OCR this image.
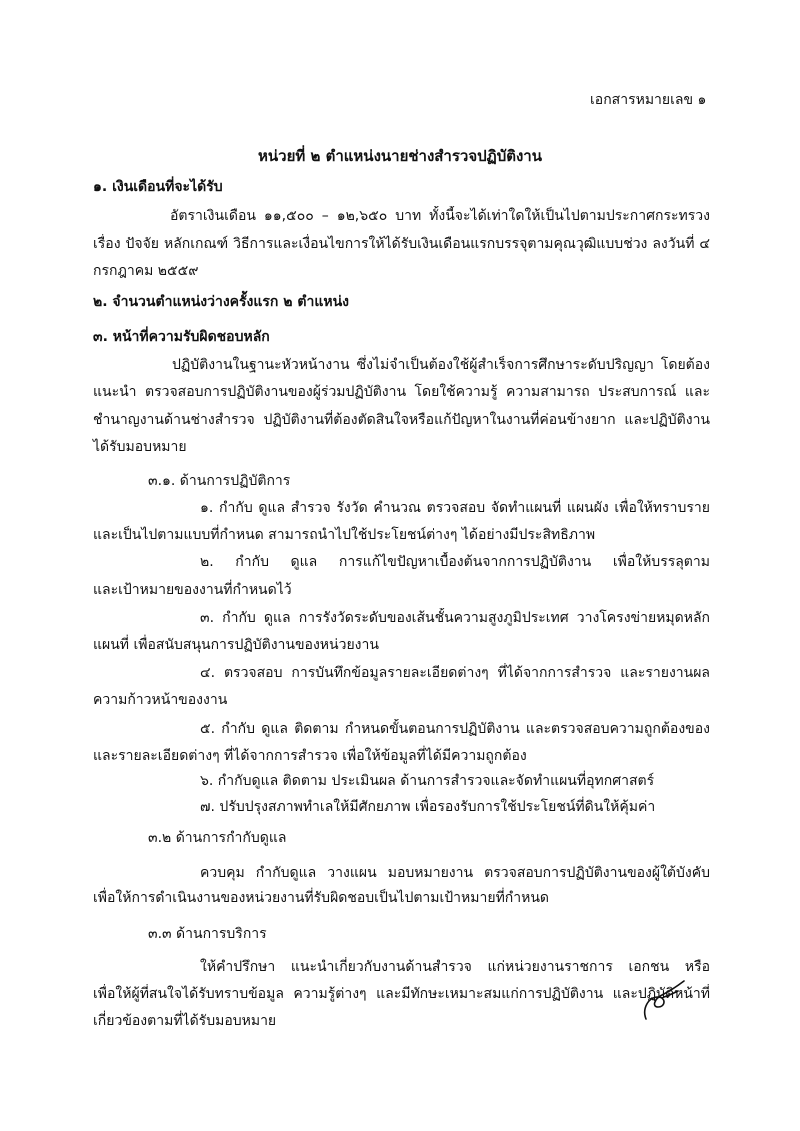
เอกสารหมายเลข ๑
หน่วยที่ ๒ ตำแหน่งนายช่างสำรวจปฏิบัติงาน
๑. เงินเดือนที่จะได้รับ
อัตราเงินเดือน ๑๑,๕๐๐ – ๑๒,๖๕๐ บาท ทั้งนี้จะได้เท่าใดให้เป็นไปตามประกาศกระทรวง
เรื่อง ปัจจัย หลักเกณฑ์ วิธีการและเงื่อนไขการให้ได้รับเงินเดือนแรกบรรจุตามคุณวุฒิแบบช่วง ลงวันที่ ๔
กรกฎาคม ๒๕๕๙
๒. จำนวนตำแหน่งว่างครั้งแรก ๒ ตำแหน่ง
๓. หน้าที่ความรับผิดชอบหลัก
ปฏิบัติงานในฐานะหัวหน้างาน ซึ่งไม่จำเป็นต้องใช้ผู้สำเร็จการศึกษาระดับปริญญา โดยต้อง
แนะนำ ตรวจสอบการปฏิบัติงานของผู้ร่วมปฏิบัติงาน โดยใช้ความรู้ ความสามารถ ประสบการณ์ และ
ชำนาญงานด้านช่างสำรวจ ปฏิบัติงานที่ต้องตัดสินใจหรือแก้ปัญหาในงานที่ค่อนข้างยาก และปฏิบัติงาน
ได้รับมอบหมาย
๓.๑. ด้านการปฏิบัติการ
๑. กำกับ ดูแล สำรวจ รังวัด คำนวณ ตรวจสอบ จัดทำแผนที่ แผนผัง เพื่อให้ทราบราย
และเป็นไปตามแบบที่กำหนด สามารถนำไปใช้ประโยชน์ต่างๆ ได้อย่างมีประสิทธิภาพ
๒. กำกับ ดูแล การแก้ไขปัญหาเบื้องต้นจากการปฏิบัติงาน เพื่อให้บรรลุตาม
และเป้าหมายของงานที่กำหนดไว้
๓. กำกับ ดูแล การรังวัดระดับของเส้นชั้นความสูงภูมิประเทศ วางโครงข่ายหมุดหลัก
แผนที่ เพื่อสนับสนุนการปฏิบัติงานของหน่วยงาน
๔. ตรวจสอบ การบันทึกข้อมูลรายละเอียดต่างๆ ที่ได้จากการสำรวจ และรายงานผล
ความก้าวหน้าของงาน
๕. กำกับ ดูแล ติดตาม กำหนดขั้นตอนการปฏิบัติงาน และตรวจสอบความถูกต้องของ
และรายละเอียดต่างๆ ที่ได้จากการสำรวจ เพื่อให้ข้อมูลที่ได้มีความถูกต้อง
๖. กำกับดูแล ติดตาม ประเมินผล ด้านการสำรวจและจัดทำแผนที่อุทกศาสตร์
๗. ปรับปรุงสภาพทำเลให้มีศักยภาพ เพื่อรองรับการใช้ประโยชน์ที่ดินให้คุ้มค่า
๓.๒ ด้านการกำกับดูแล
ควบคุม กำกับดูแล วางแผน มอบหมายงาน ตรวจสอบการปฏิบัติงานของผู้ใต้บังคับ
เพื่อให้การดำเนินงานของหน่วยงานที่รับผิดชอบเป็นไปตามเป้าหมายที่กำหนด
๓.๓ ด้านการบริการ
ให้คำปรึกษา แนะนำเกี่ยวกับงานด้านสำรวจ แก่หน่วยงานราชการ เอกชน หรือ
เพื่อให้ผู้ที่สนใจได้รับทราบข้อมูล ความรู้ต่างๆ และมีทักษะเหมาะสมแก่การปฏิบัติงาน และปฏิบัติหน้าที่
เกี่ยวข้องตามที่ได้รับมอบหมาย
